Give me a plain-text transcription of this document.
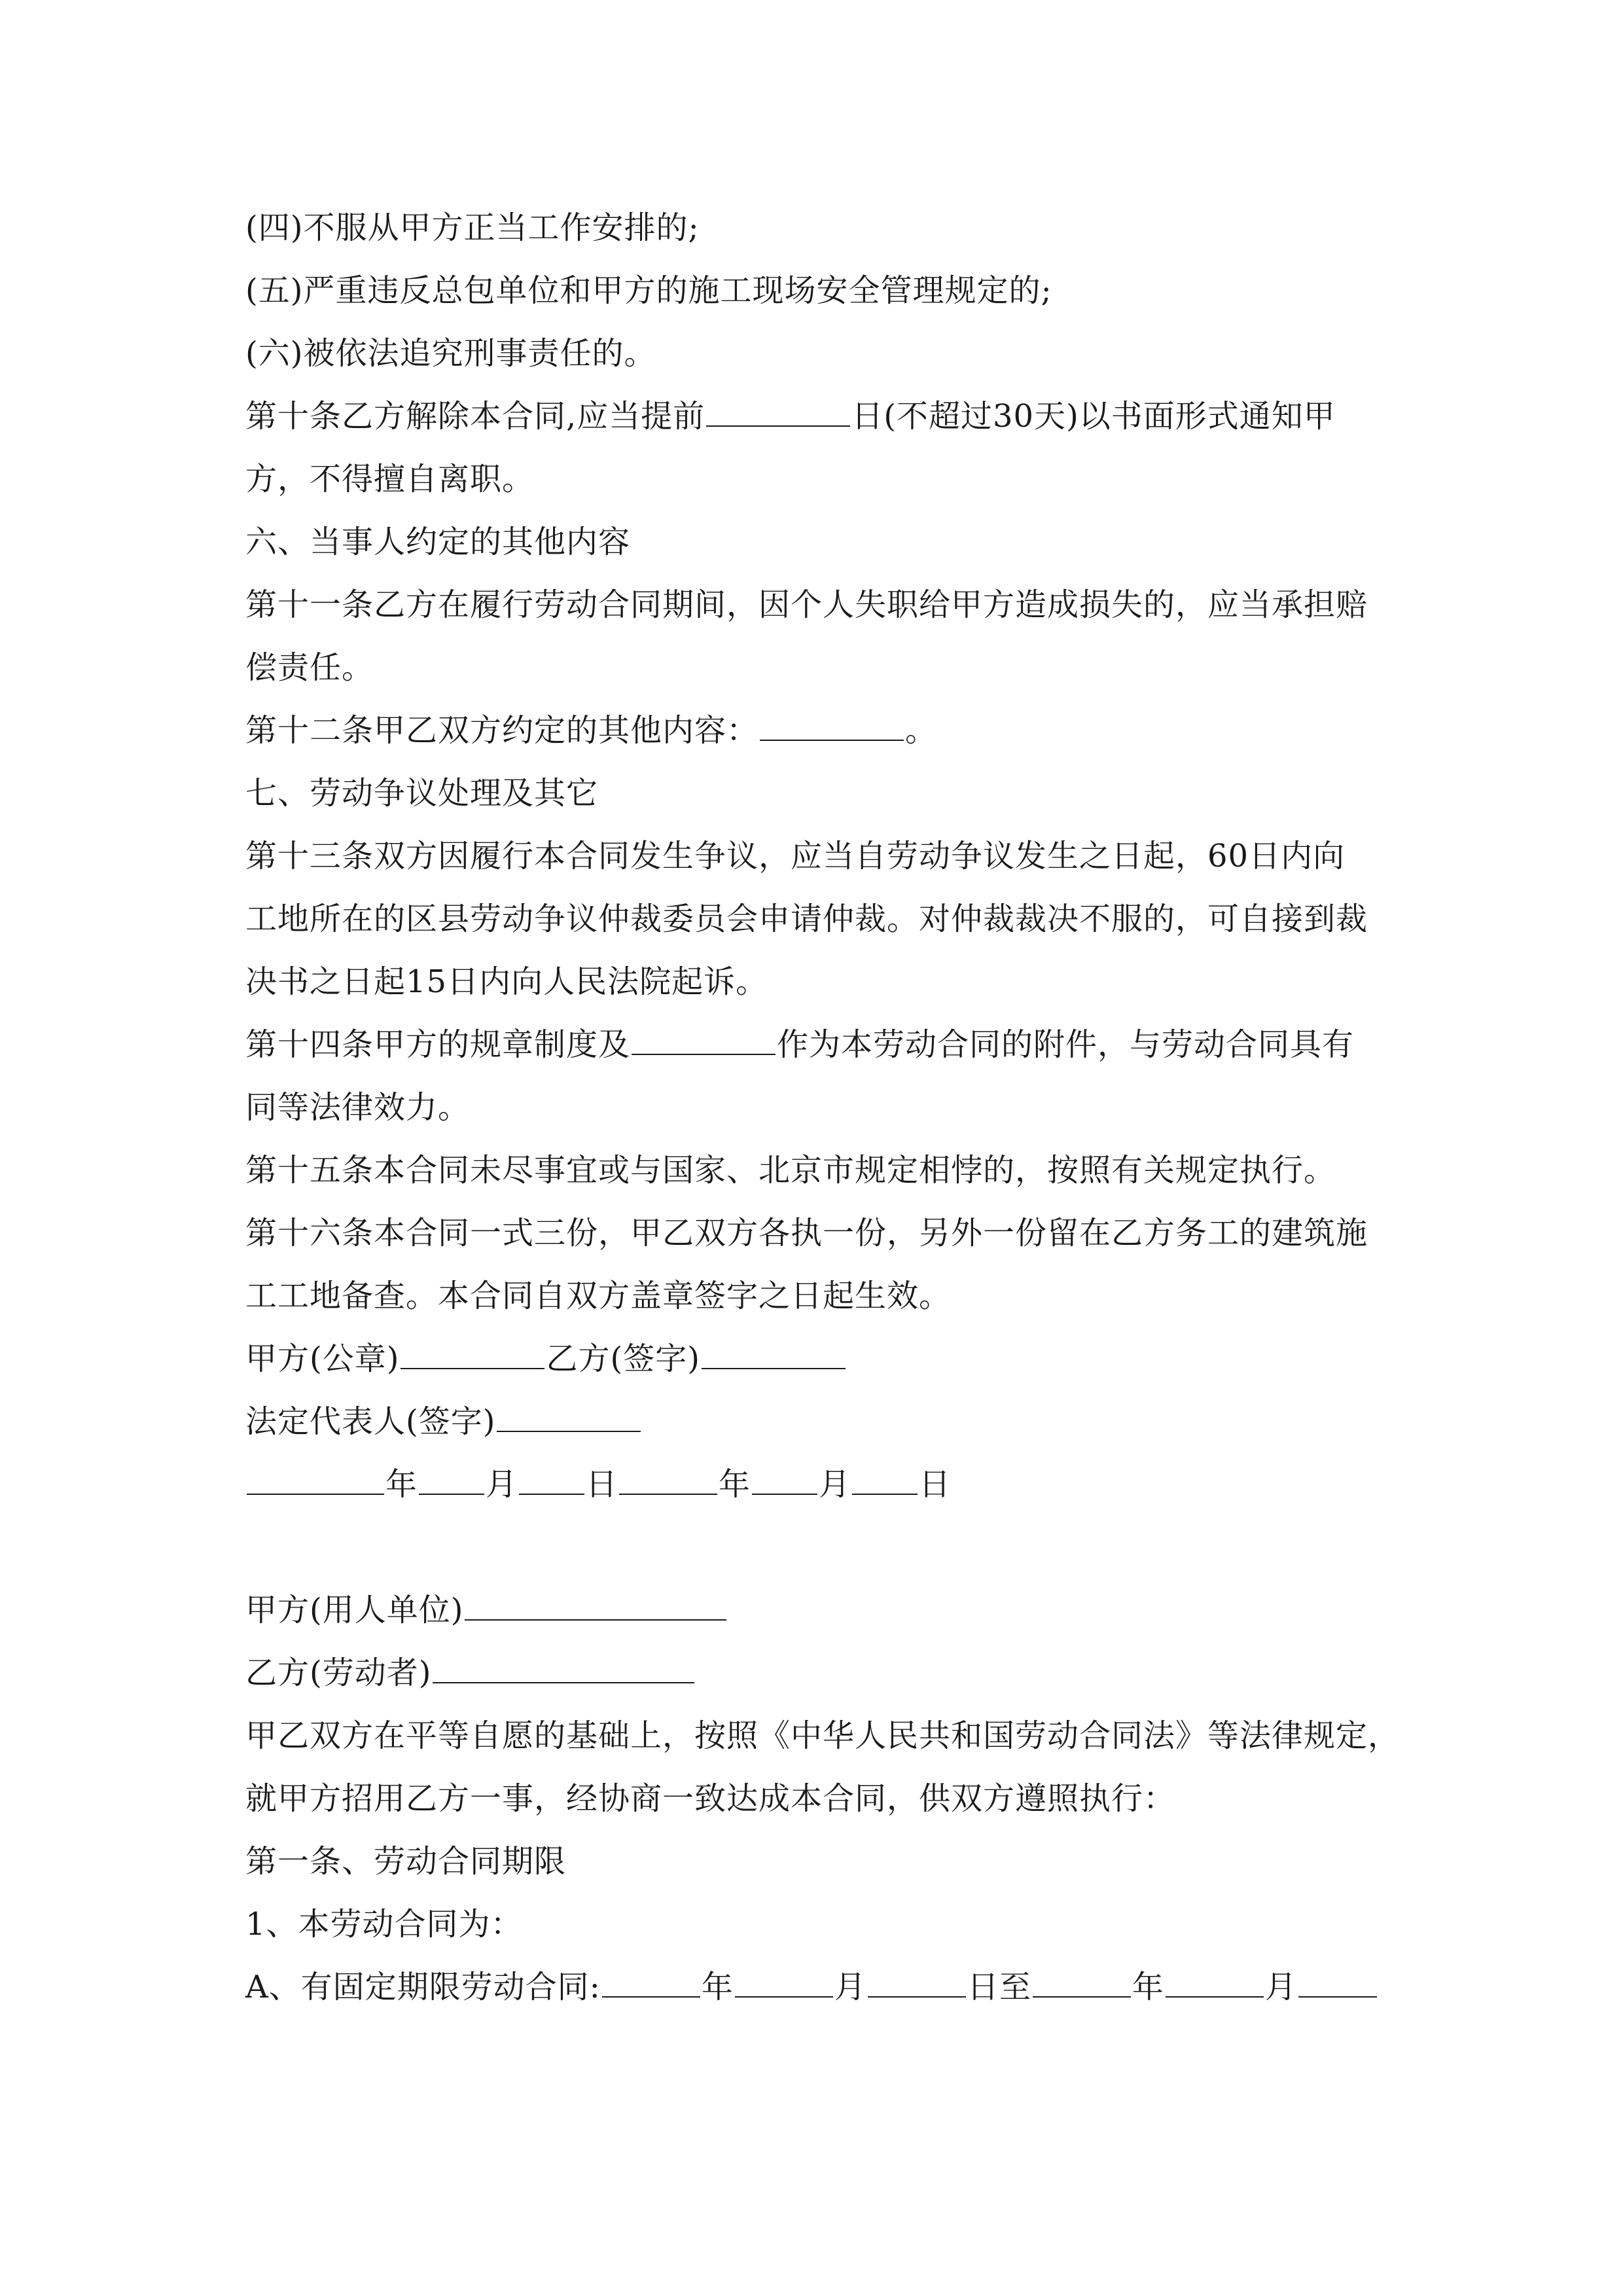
(四)不服从甲方正当工作安排的;
(五)严重违反总包单位和甲方的施工现场安全管理规定的;
(六)被依法追究刑事责任的。
第十条乙方解除本合同,应当提前	日(不超过30天)以书面形式通知甲
方，不得擅自离职。
六、当事人约定的其他内容
第十一条乙方在履行劳动合同期间，因个人失职给甲方造成损失的，应当承担赔
偿责任。
第十二条甲乙双方约定的其他内容：	。
七、劳动争议处理及其它
第十三条双方因履行本合同发生争议，应当自劳动争议发生之日起，60日内向
工地所在的区县劳动争议仲裁委员会申请仲裁。对仲裁裁决不服的，可自接到裁
决书之日起15日内向人民法院起诉。
第十四条甲方的规章制度及	作为本劳动合同的附件，与劳动合同具有
同等法律效力。
第十五条本合同未尽事宜或与国家、北京市规定相悖的，按照有关规定执行。
第十六条本合同一式三份，甲乙双方各执一份，另外一份留在乙方务工的建筑施
工工地备查。本合同自双方盖章签字之日起生效。
甲方(公章)	乙方(签字)
法定代表人(签字)
年 月 日	年 月 日
甲方(用人单位)
乙方(劳动者)
甲乙双方在平等自愿的基础上，按照《中华人民共和国劳动合同法》等法律规定，
就甲方招用乙方一事，经协商一致达成本合同，供双方遵照执行：
第一条、劳动合同期限
1、本劳动合同为：
A、有固定期限劳动合同:	年	月	日至	年	月
